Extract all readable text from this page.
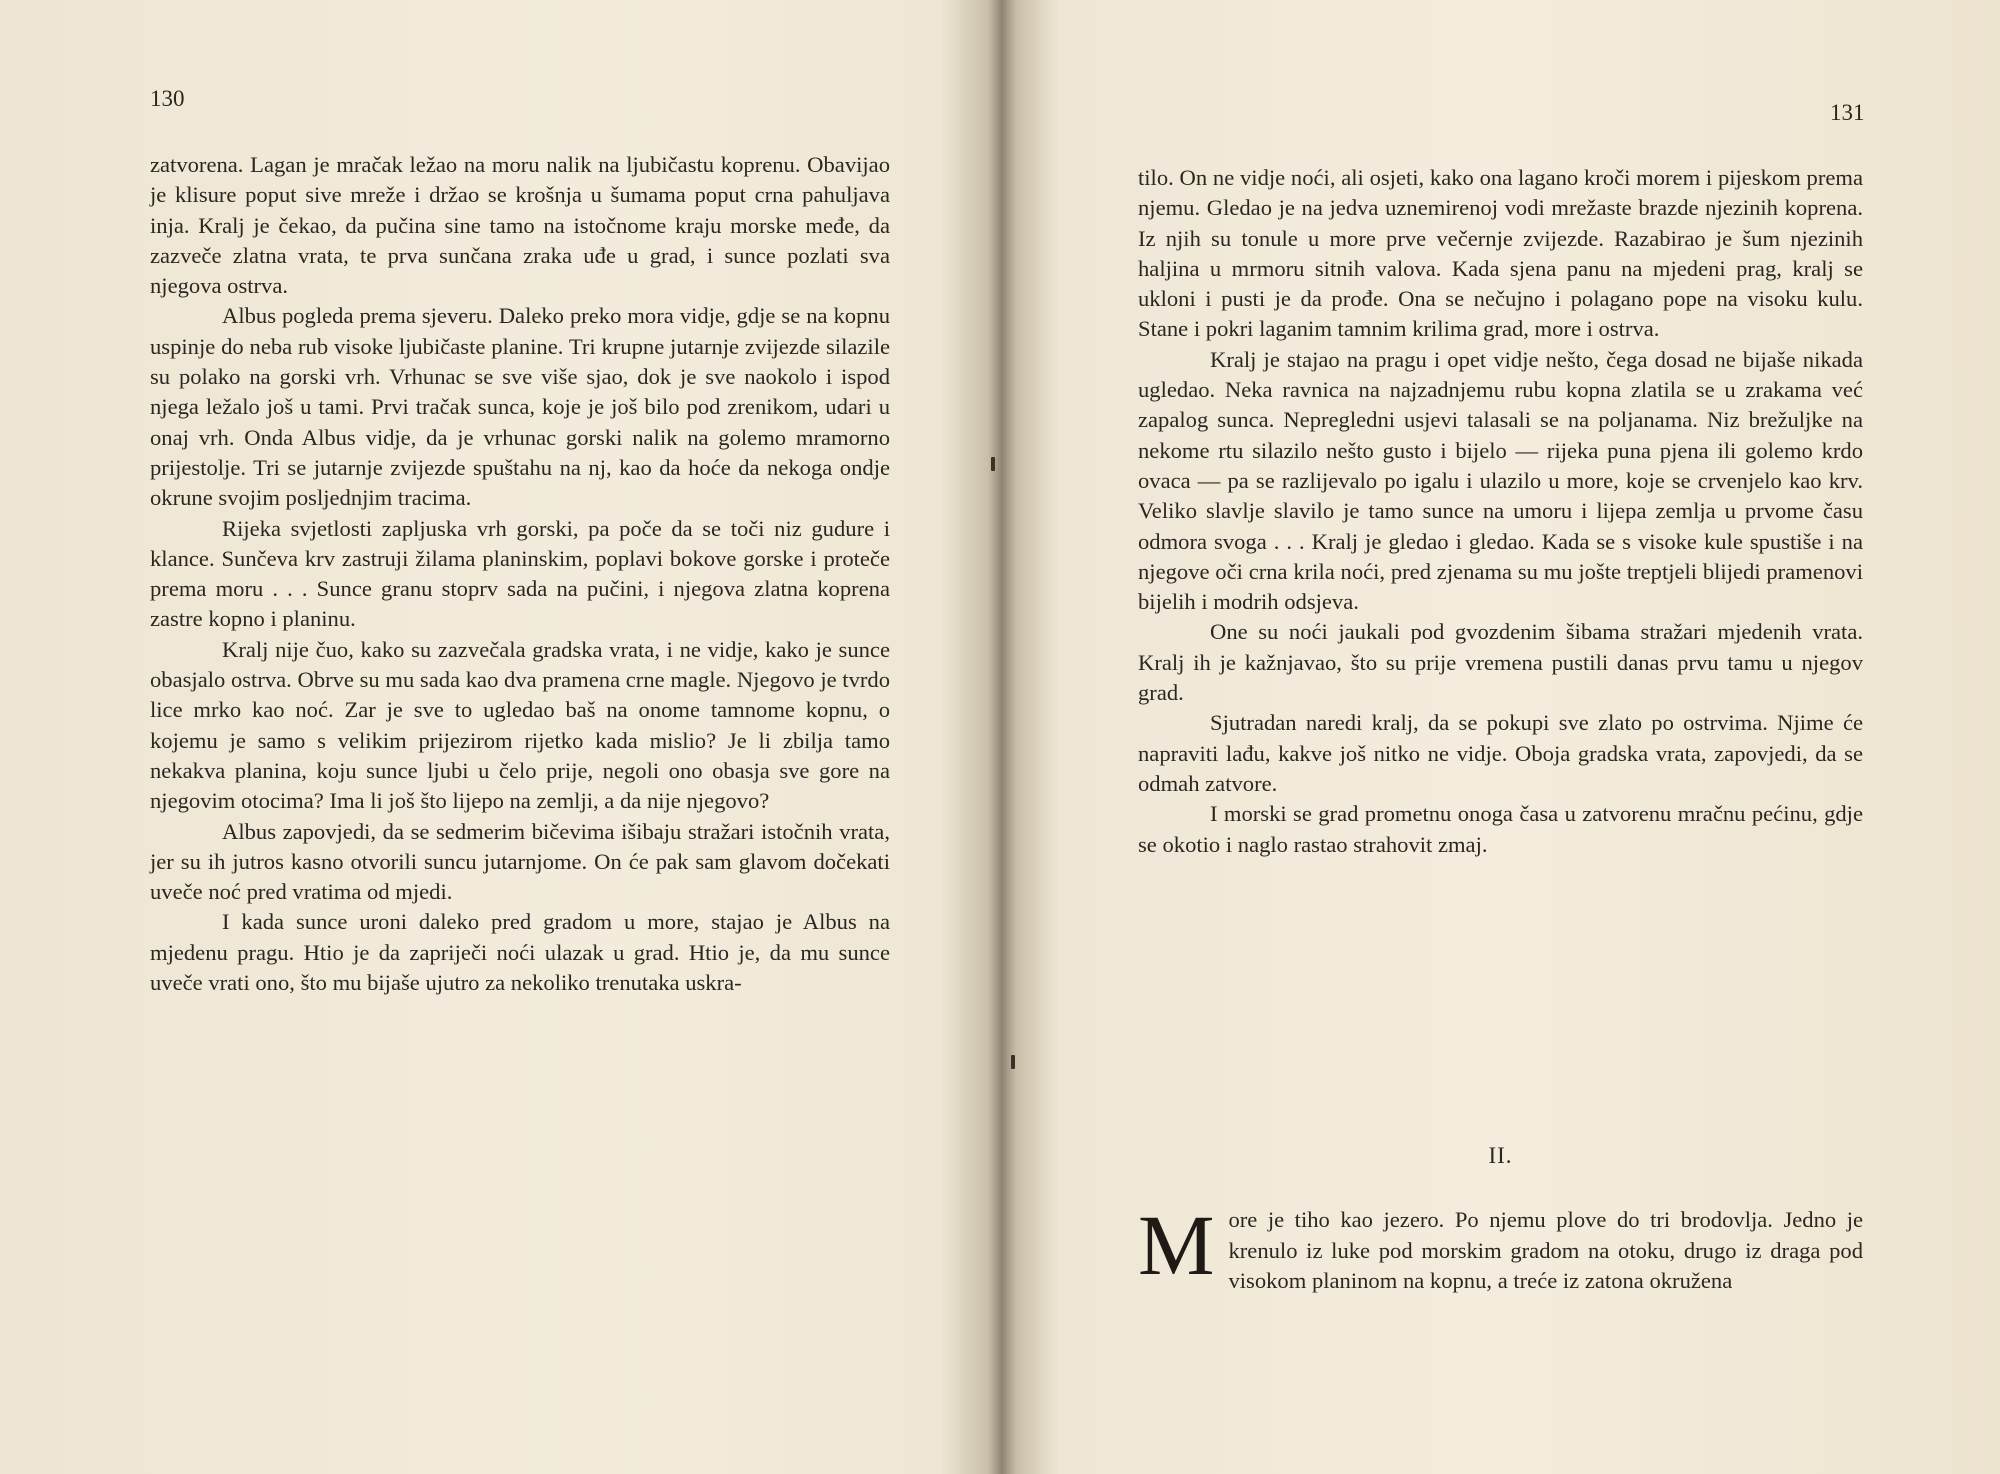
130

zatvorena. Lagan je mračak ležao na moru nalik na ljubičastu koprenu. Obavijao je klisure poput sive mreže i držao se krošnja u šumama poput crna pahuljava inja. Kralj je čekao, da pučina sine tamo na istočnome kraju morske međe, da zazveče zlatna vrata, te prva sunčana zraka uđe u grad, i sunce pozlati sva njegova ostrva.

Albus pogleda prema sjeveru. Daleko preko mora vidje, gdje se na kopnu uspinje do neba rub visoke ljubičaste planine. Tri krupne jutarnje zvijezde silazile su polako na gorski vrh. Vrhunac se sve više sjao, dok je sve naokolo i ispod njega ležalo još u tami. Prvi tračak sunca, koje je još bilo pod zrenikom, udari u onaj vrh. Onda Albus vidje, da je vrhunac gorski nalik na golemo mramorno prijestolje. Tri se jutarnje zvijezde spuštahu na nj, kao da hoće da nekoga ondje okrune svojim posljednjim tracima.

Rijeka svjetlosti zapljuska vrh gorski, pa poče da se toči niz gudure i klance. Sunčeva krv zastruji žilama planinskim, poplavi bokove gorske i proteče prema moru . . . Sunce granu stoprv sada na pučini, i njegova zlatna koprena zastre kopno i planinu.

Kralj nije čuo, kako su zazvečala gradska vrata, i ne vidje, kako je sunce obasjalo ostrva. Obrve su mu sada kao dva pramena crne magle. Njegovo je tvrdo lice mrko kao noć. Zar je sve to ugledao baš na onome tamnome kopnu, o kojemu je samo s velikim prijezirom rijetko kada mislio? Je li zbilja tamo nekakva planina, koju sunce ljubi u čelo prije, negoli ono obasja sve gore na njegovim otocima? Ima li još što lijepo na zemlji, a da nije njegovo?

Albus zapovjedi, da se sedmerim bičevima išibaju stražari istočnih vrata, jer su ih jutros kasno otvorili suncu jutarnjome. On će pak sam glavom dočekati uveče noć pred vratima od mjedi.

I kada sunce uroni daleko pred gradom u more, stajao je Albus na mjedenu pragu. Htio je da zapriječi noći ulazak u grad. Htio je, da mu sunce uveče vrati ono, što mu bijaše ujutro za nekoliko trenutaka uskra-

131

tilo. On ne vidje noći, ali osjeti, kako ona lagano kroči morem i pijeskom prema njemu. Gledao je na jedva uznemirenoj vodi mrežaste brazde njezinih koprena. Iz njih su tonule u more prve večernje zvijezde. Razabirao je šum njezinih haljina u mrmoru sitnih valova. Kada sjena panu na mjedeni prag, kralj se ukloni i pusti je da prođe. Ona se nečujno i polagano pope na visoku kulu. Stane i pokri laganim tamnim krilima grad, more i ostrva.

Kralj je stajao na pragu i opet vidje nešto, čega dosad ne bijaše nikada ugledao. Neka ravnica na najzadnjemu rubu kopna zlatila se u zrakama već zapalog sunca. Nepregledni usjevi talasali se na poljanama. Niz brežuljke na nekome rtu silazilo nešto gusto i bijelo — rijeka puna pjena ili golemo krdo ovaca — pa se razlijevalo po igalu i ulazilo u more, koje se crvenjelo kao krv. Veliko slavlje slavilo je tamo sunce na umoru i lijepa zemlja u prvome času odmora svoga . . . Kralj je gledao i gledao. Kada se s visoke kule spustiše i na njegove oči crna krila noći, pred zjenama su mu jošte treptjeli blijedi pramenovi bijelih i modrih odsjeva.

One su noći jaukali pod gvozdenim šibama stražari mjedenih vrata. Kralj ih je kažnjavao, što su prije vremena pustili danas prvu tamu u njegov grad.

Sjutradan naredi kralj, da se pokupi sve zlato po ostrvima. Njime će napraviti lađu, kakve još nitko ne vidje. Oboja gradska vrata, zapovjedi, da se odmah zatvore.

I morski se grad prometnu onoga časa u zatvorenu mračnu pećinu, gdje se okotio i naglo rastao strahovit zmaj.

II.
M ore je tiho kao jezero. Po njemu plove do tri brodovlja. Jedno je krenulo iz luke pod morskim gradom na otoku, drugo iz draga pod visokom planinom na kopnu, a treće iz zatona okružena
